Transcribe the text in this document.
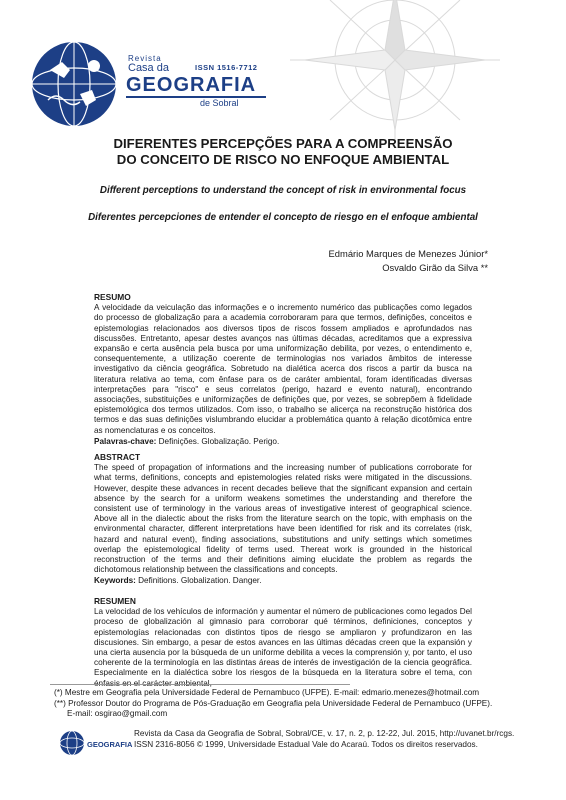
Revista
Casa da	ISSN 1516-7712
GEOGRAFIA
de Sobral
DIFERENTES PERCEPÇÕES PARA A COMPREENSÃO
DO CONCEITO DE RISCO NO ENFOQUE AMBIENTAL

Different perceptions to understand the concept of risk in environmental focus

Diferentes percepciones de entender el concepto de riesgo en el enfoque ambiental

Edmário Marques de Menezes Júnior*

Osvaldo Girão da Silva **

RESUMO

A velocidade da veiculação das informações e o incremento numérico das publicações como legados do processo de globalização para a academia corroboraram para que termos, definições, conceitos e epistemologias relacionados aos diversos tipos de riscos fossem ampliados e aprofundados nas discussões. Entretanto, apesar destes avanços nas últimas décadas, acreditamos que a expressiva expansão e certa ausência pela busca por uma uniformização debilita, por vezes, o entendimento e, consequentemente, a utilização coerente de terminologias nos variados âmbitos de interesse investigativo da ciência geográfica. Sobretudo na dialética acerca dos riscos a partir da busca na literatura relativa ao tema, com ênfase para os de caráter ambiental, foram identificadas diversas interpretações para "risco" e seus correlatos (perigo, hazard e evento natural), encontrando associações, substituições e uniformizações de definições que, por vezes, se sobrepõem à fidelidade epistemológica dos termos utilizados. Com isso, o trabalho se alicerça na reconstrução histórica dos termos e das suas definições vislumbrando elucidar a problemática quanto à relação dicotômica entre as nomenclaturas e os conceitos.

Palavras-chave: Definições. Globalização. Perigo.

ABSTRACT

The speed of propagation of informations and the increasing number of publications corroborate for what terms, definitions, concepts and epistemologies related risks were mitigated in the discussions. However, despite these advances in recent decades believe that the significant expansion and certain absence by the search for a uniform weakens sometimes the understanding and therefore the consistent use of terminology in the various areas of investigative interest of geographical science. Above all in the dialectic about the risks from the literature search on the topic, with emphasis on the environmental character, different interpretations have been identified for risk and its correlates (risk, hazard and natural event), finding associations, substitutions and unify settings which sometimes overlap the epistemological fidelity of terms used. Thereat work is grounded in the historical reconstruction of the terms and their definitions aiming elucidate the problem as regards the dichotomous relationship between the classifications and concepts.

Keywords: Definitions. Globalization. Danger.

RESUMEN

La velocidad de los vehículos de información y aumentar el número de publicaciones como legados Del proceso de globalización al gimnasio para corroborar qué términos, definiciones, conceptos y epistemologías relacionadas con distintos tipos de riesgo se ampliaron y profundizaron en las discusiones. Sin embargo, a pesar de estos avances en las últimas décadas creen que la expansión y una cierta ausencia por la búsqueda de un uniforme debilita a veces la comprensión y, por tanto, el uso coherente de la terminología en las distintas áreas de interés de investigación de la ciencia geográfica. Especialmente en la dialéctica sobre los riesgos de la búsqueda en la literatura sobre el tema, con

(*) Mestre em Geografia pela Universidade Federal de Pernambuco (UFPE). E-mail: edmario.menezes@hotmail.com

(**) Professor Doutor do Programa de Pós-Graduação em Geografia pela Universidade Federal de Pernambuco (UFPE).

E-mail: osgirao@gmail.com

GEOGRAFIA

Revista da Casa da Geografia de Sobral, Sobral/CE, v. 17, n. 2, p. 12-22, Jul. 2015, http://uvanet.br/rcgs.

ISSN 2316-8056 © 1999, Universidade Estadual Vale do Acaraú. Todos os direitos reservados.
